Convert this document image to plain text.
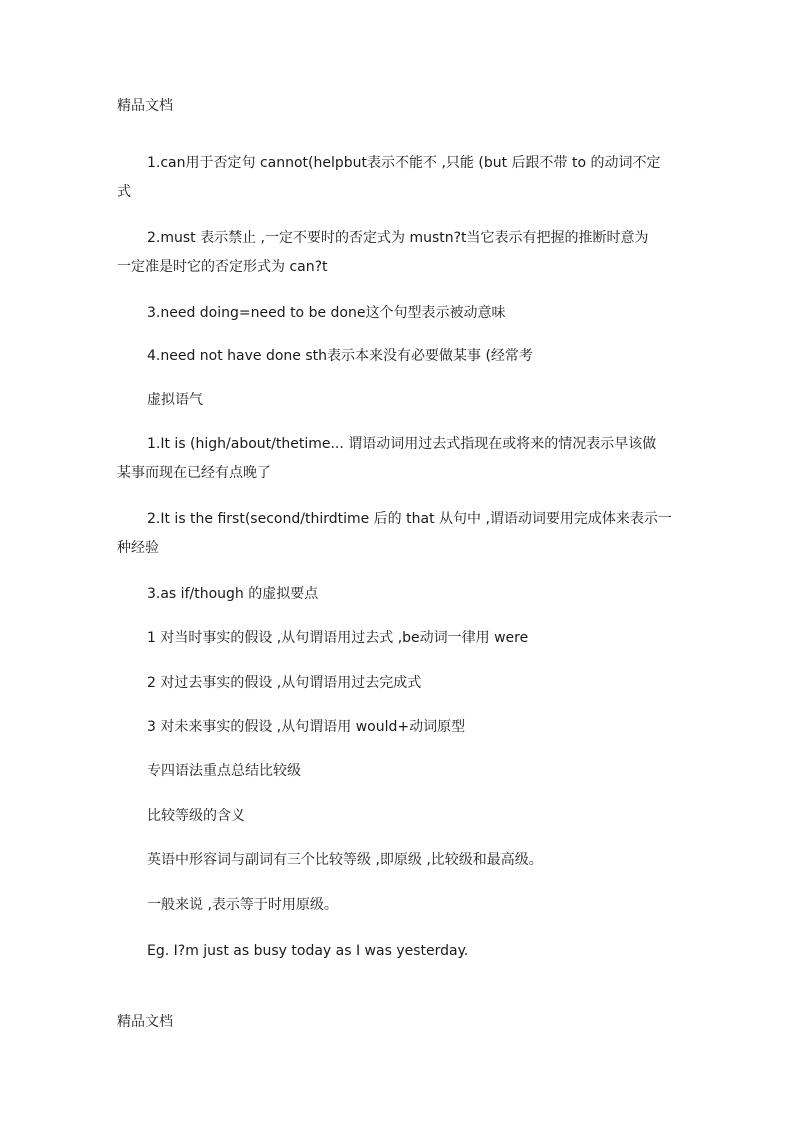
精品文档
1.can用于否定句 cannot(helpbut表示不能不 ,只能 (but 后跟不带 to 的动词不定
式
2.must 表示禁止 ,一定不要时的否定式为 mustn?t当它表示有把握的推断时意为
一定准是时它的否定形式为 can?t
3.need doing=need to be done这个句型表示被动意味
4.need not have done sth表示本来没有必要做某事 (经常考
虚拟语气
1.It is (high/about/thetime... 谓语动词用过去式指现在或将来的情况表示早该做
某事而现在已经有点晚了
2.It is the first(second/thirdtime 后的 that 从句中 ,谓语动词要用完成体来表示一
种经验
3.as if/though 的虚拟要点
1 对当时事实的假设 ,从句谓语用过去式 ,be动词一律用 were
2 对过去事实的假设 ,从句谓语用过去完成式
3 对未来事实的假设 ,从句谓语用 would+动词原型
专四语法重点总结比较级
比较等级的含义
英语中形容词与副词有三个比较等级 ,即原级 ,比较级和最高级。
一般来说 ,表示等于时用原级。
Eg. I?m just as busy today as I was yesterday.
精品文档
